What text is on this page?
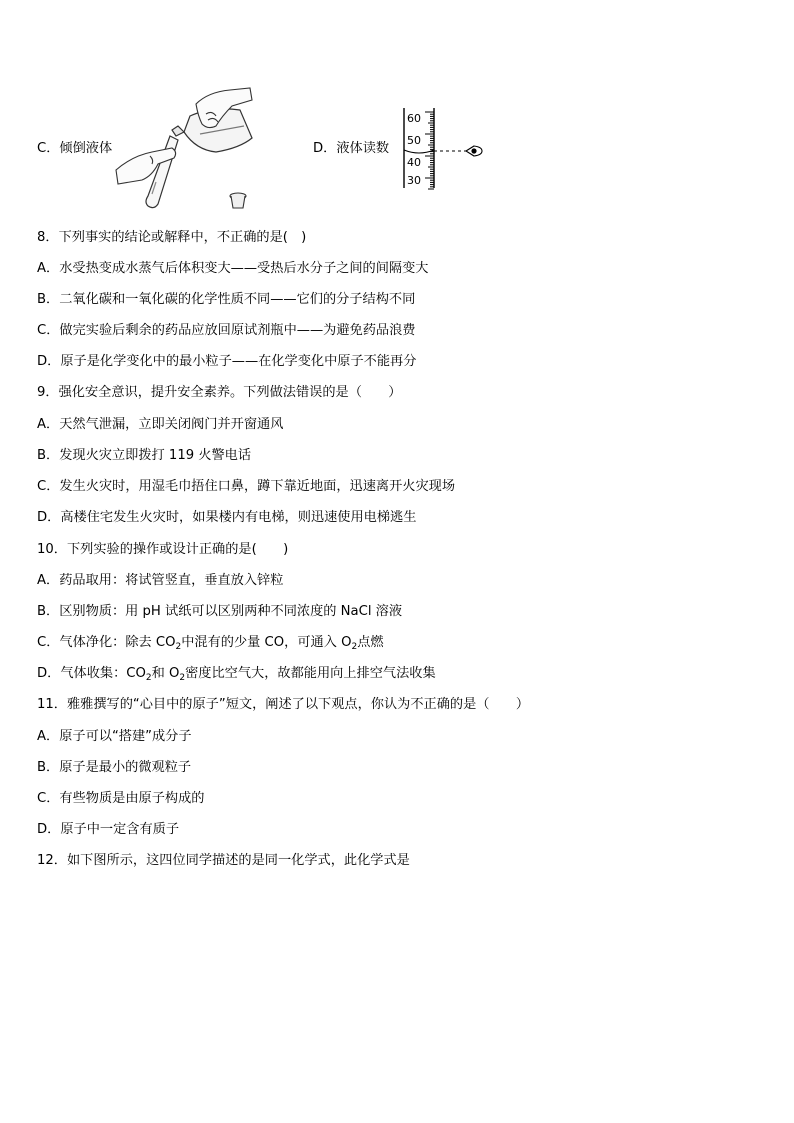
C．倾倒液体	D．液体读数
60
50
40
30
8．下列事实的结论或解释中，不正确的是(　)
A．水受热变成水蒸气后体积变大——受热后水分子之间的间隔变大
B．二氧化碳和一氧化碳的化学性质不同——它们的分子结构不同
C．做完实验后剩余的药品应放回原试剂瓶中——为避免药品浪费
D．原子是化学变化中的最小粒子——在化学变化中原子不能再分
9．强化安全意识，提升安全素养。下列做法错误的是（　　）
A．天然气泄漏，立即关闭阀门并开窗通风
B．发现火灾立即拨打 119 火警电话
C．发生火灾时，用湿毛巾捂住口鼻，蹲下靠近地面，迅速离开火灾现场
D．高楼住宅发生火灾时，如果楼内有电梯，则迅速使用电梯逃生
10．下列实验的操作或设计正确的是(　　)
A．药品取用：将试管竖直，垂直放入锌粒
B．区别物质：用 pH 试纸可以区别两种不同浓度的 NaCl 溶液
C．气体净化：除去 $CO_2$中混有的少量 CO，可通入 $O_2$点燃
D．气体收集：$CO_2$和 $O_2$密度比空气大，故都能用向上排空气法收集
11．雅雅撰写的“心目中的原子”短文，阐述了以下观点，你认为不正确的是（　　）
A．原子可以“搭建”成分子
B．原子是最小的微观粒子
C．有些物质是由原子构成的
D．原子中一定含有质子
12．如下图所示，这四位同学描述的是同一化学式，此化学式是
